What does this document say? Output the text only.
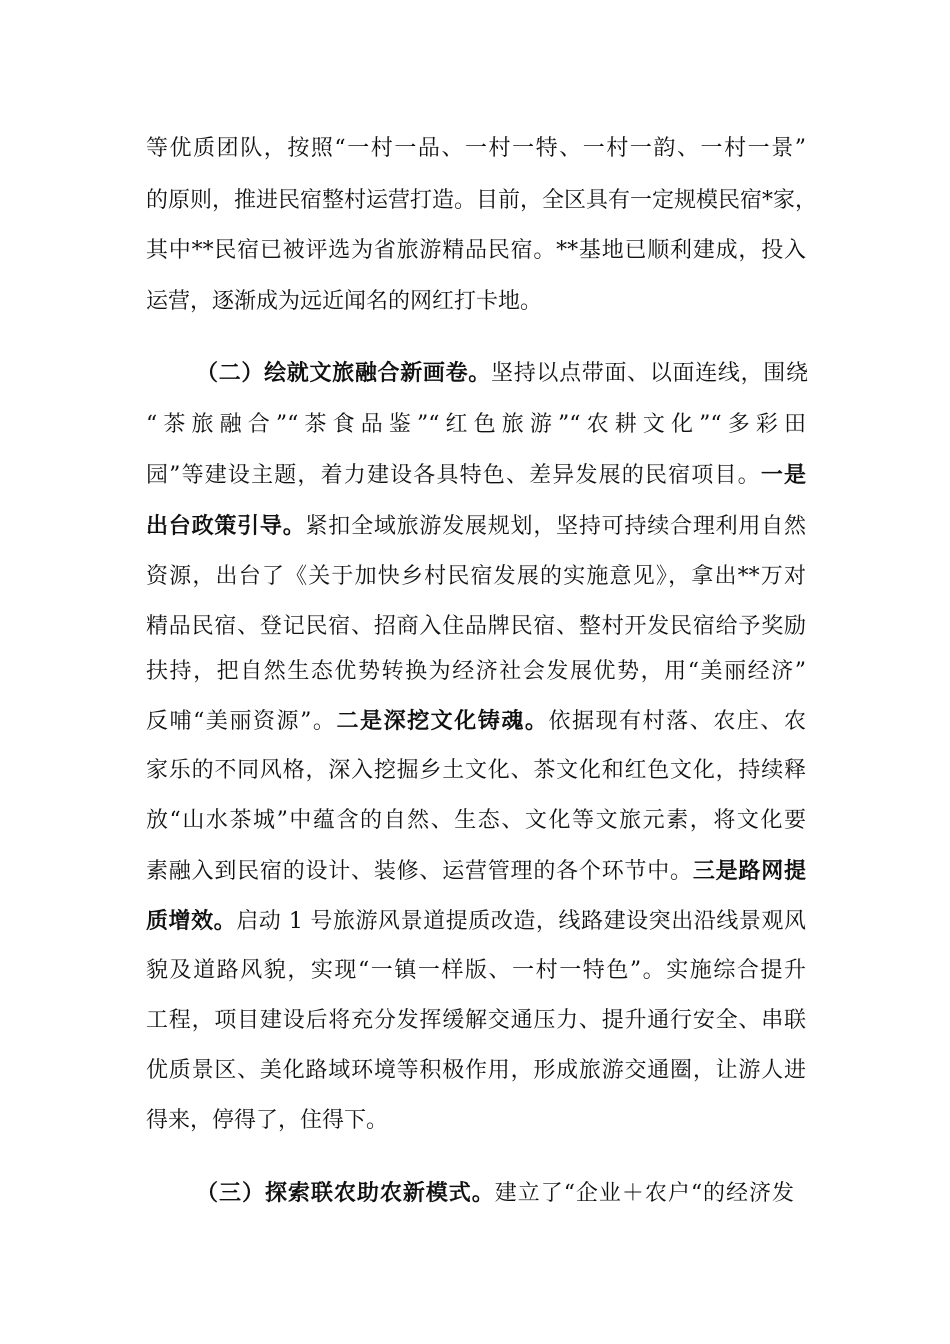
等优质团队，按照“一村一品、一村一特、一村一韵、一村一景”
的原则，推进民宿整村运营打造。目前，全区具有一定规模民宿*家，
其中**民宿已被评选为省旅游精品民宿。**基地已顺利建成，投入
运营，逐渐成为远近闻名的网红打卡地。
（二）绘就文旅融合新画卷。坚持以点带面、以面连线，围绕
“茶旅融合”“茶食品鉴”“红色旅游”“农耕文化”“多彩田
园”等建设主题，着力建设各具特色、差异发展的民宿项目。一是
出台政策引导。紧扣全域旅游发展规划，坚持可持续合理利用自然
资源，出台了《关于加快乡村民宿发展的实施意见》，拿出**万对
精品民宿、登记民宿、招商入住品牌民宿、整村开发民宿给予奖励
扶持，把自然生态优势转换为经济社会发展优势，用“美丽经济”
反哺“美丽资源”。二是深挖文化铸魂。依据现有村落、农庄、农
家乐的不同风格，深入挖掘乡土文化、茶文化和红色文化，持续释
放“山水茶城”中蕴含的自然、生态、文化等文旅元素，将文化要
素融入到民宿的设计、装修、运营管理的各个环节中。三是路网提
质增效。启动 1 号旅游风景道提质改造，线路建设突出沿线景观风
貌及道路风貌，实现“一镇一样版、一村一特色”。实施综合提升
工程，项目建设后将充分发挥缓解交通压力、提升通行安全、串联
优质景区、美化路域环境等积极作用，形成旅游交通圈，让游人进
得来，停得了，住得下。
（三）探索联农助农新模式。建立了“企业＋农户“的经济发
